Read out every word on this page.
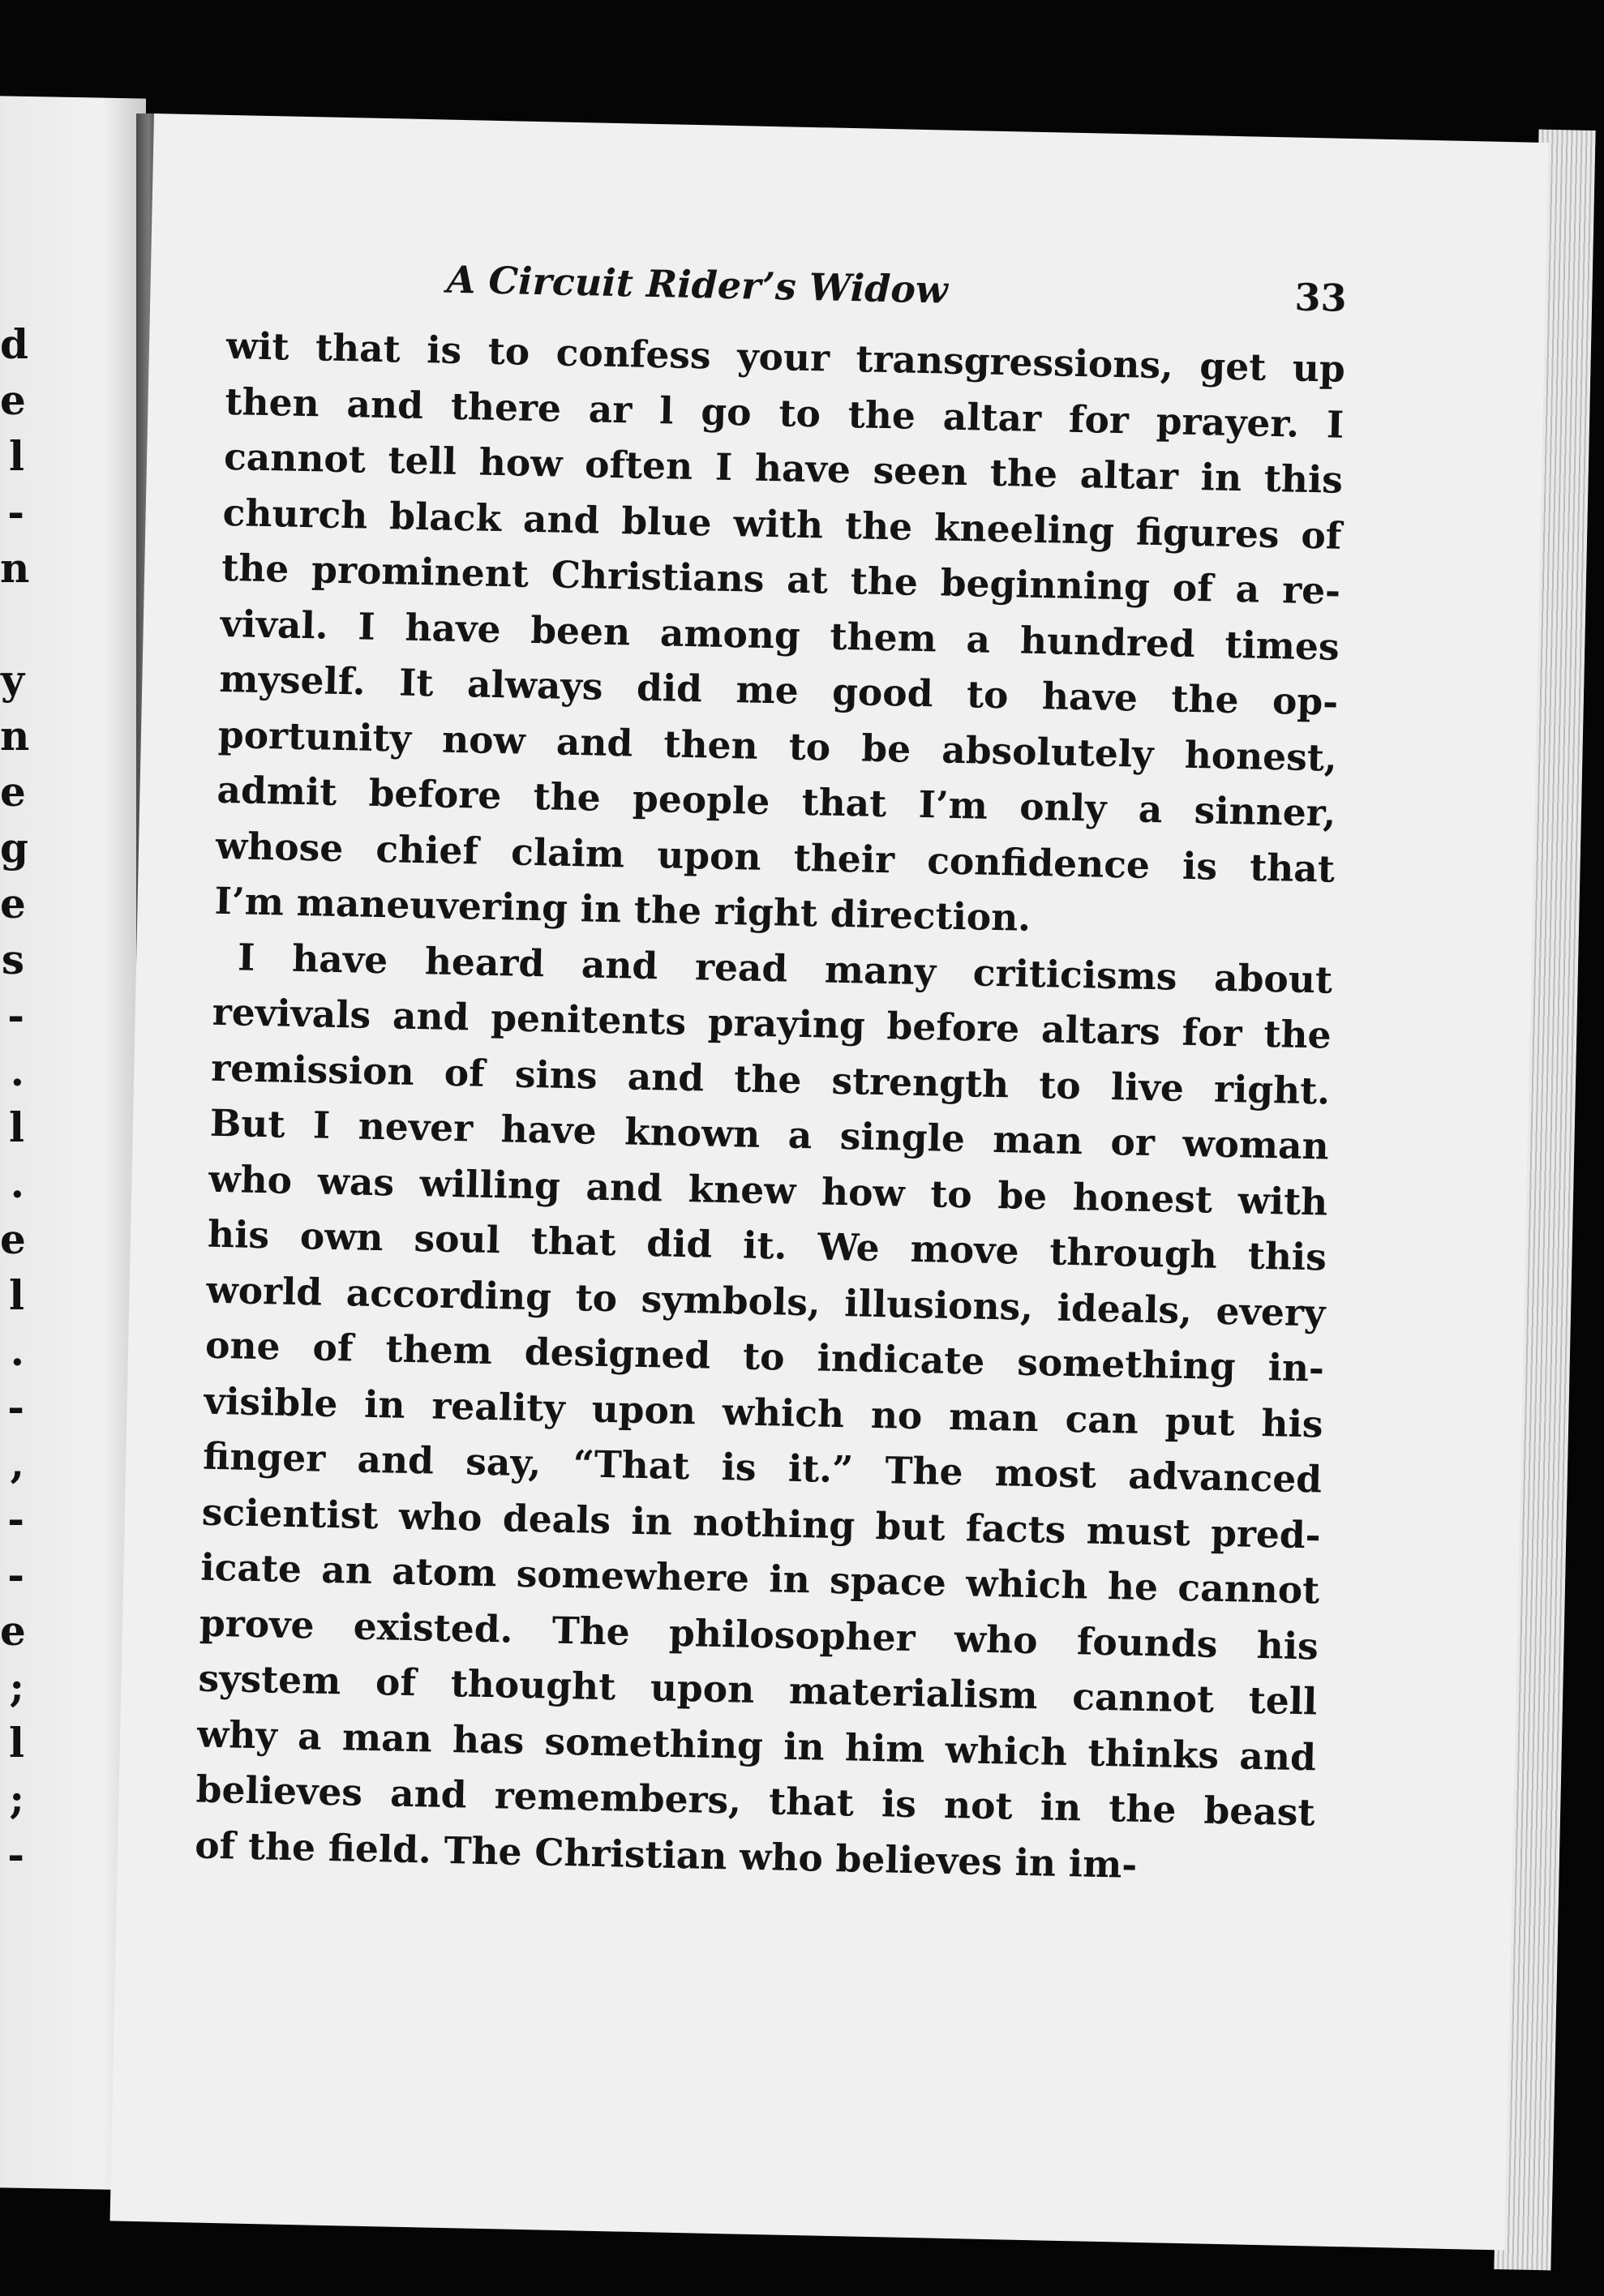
d
e
l
-
n
y
n
e
g
e
s
-
.
l
.
e
l
.
-
,
-
-
e
;
l
;
-
A Circuit Rider’s Widow	33

wit that is to confess your transgressions, get up
then and there ar l go to the altar for prayer. I
cannot tell how often I have seen the altar in this
church black and blue with the kneeling figures of
the prominent Christians at the beginning of a re-
vival. I have been among them a hundred times
myself. It always did me good to have the op-
portunity now and then to be absolutely honest,
admit before the people that I’m only a sinner,
whose chief claim upon their confidence is that
I’m maneuvering in the right direction.

I have heard and read many criticisms about
revivals and penitents praying before altars for the
remission of sins and the strength to live right.
But I never have known a single man or woman
who was willing and knew how to be honest with
his own soul that did it. We move through this
world according to symbols, illusions, ideals, every
one of them designed to indicate something in-
visible in reality upon which no man can put his
finger and say, “That is it.” The most advanced
scientist who deals in nothing but facts must pred-
icate an atom somewhere in space which he cannot
prove existed. The philosopher who founds his
system of thought upon materialism cannot tell
why a man has something in him which thinks and
believes and remembers, that is not in the beast
of the field. The Christian who believes in im-
